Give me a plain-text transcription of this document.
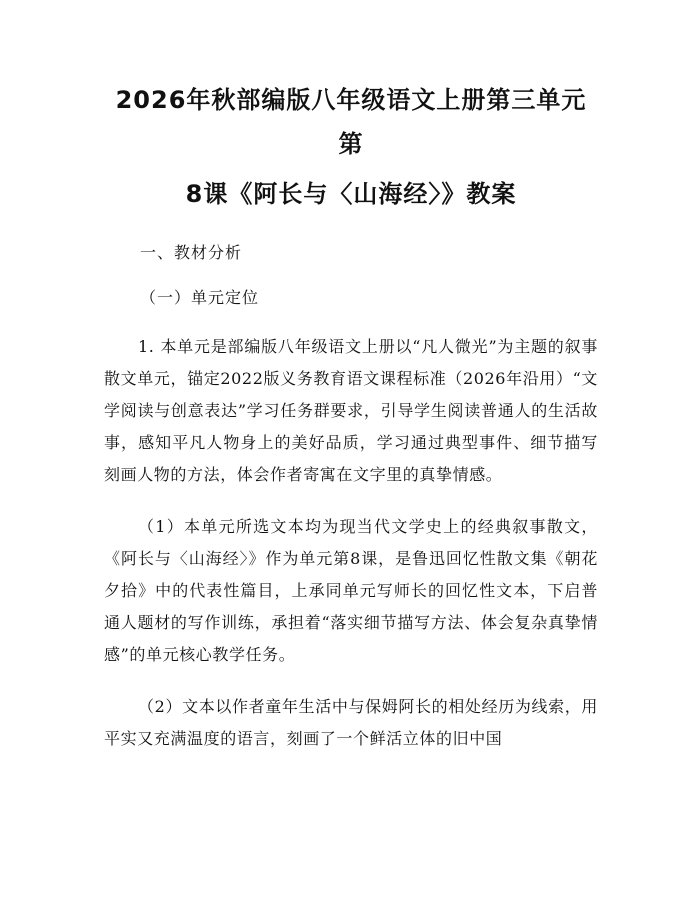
2026年秋部编版八年级语文上册第三单元第
8课《阿长与〈山海经〉》教案

一、教材分析

（一）单元定位

1. 本单元是部编版八年级语文上册以“凡人微光”为主题的叙事散文单元，锚定2022版义务教育语文课程标准（2026年沿用）“文学阅读与创意表达”学习任务群要求，引导学生阅读普通人的生活故事，感知平凡人物身上的美好品质，学习通过典型事件、细节描写刻画人物的方法，体会作者寄寓在文字里的真挚情感。

（1）本单元所选文本均为现当代文学史上的经典叙事散文，《阿长与〈山海经〉》作为单元第8课，是鲁迅回忆性散文集《朝花夕拾》中的代表性篇目，上承同单元写师长的回忆性文本，下启普通人题材的写作训练，承担着“落实细节描写方法、体会复杂真挚情感”的单元核心教学任务。

（2）文本以作者童年生活中与保姆阿长的相处经历为线索，用平实又充满温度的语言，刻画了一个鲜活立体的旧中国
